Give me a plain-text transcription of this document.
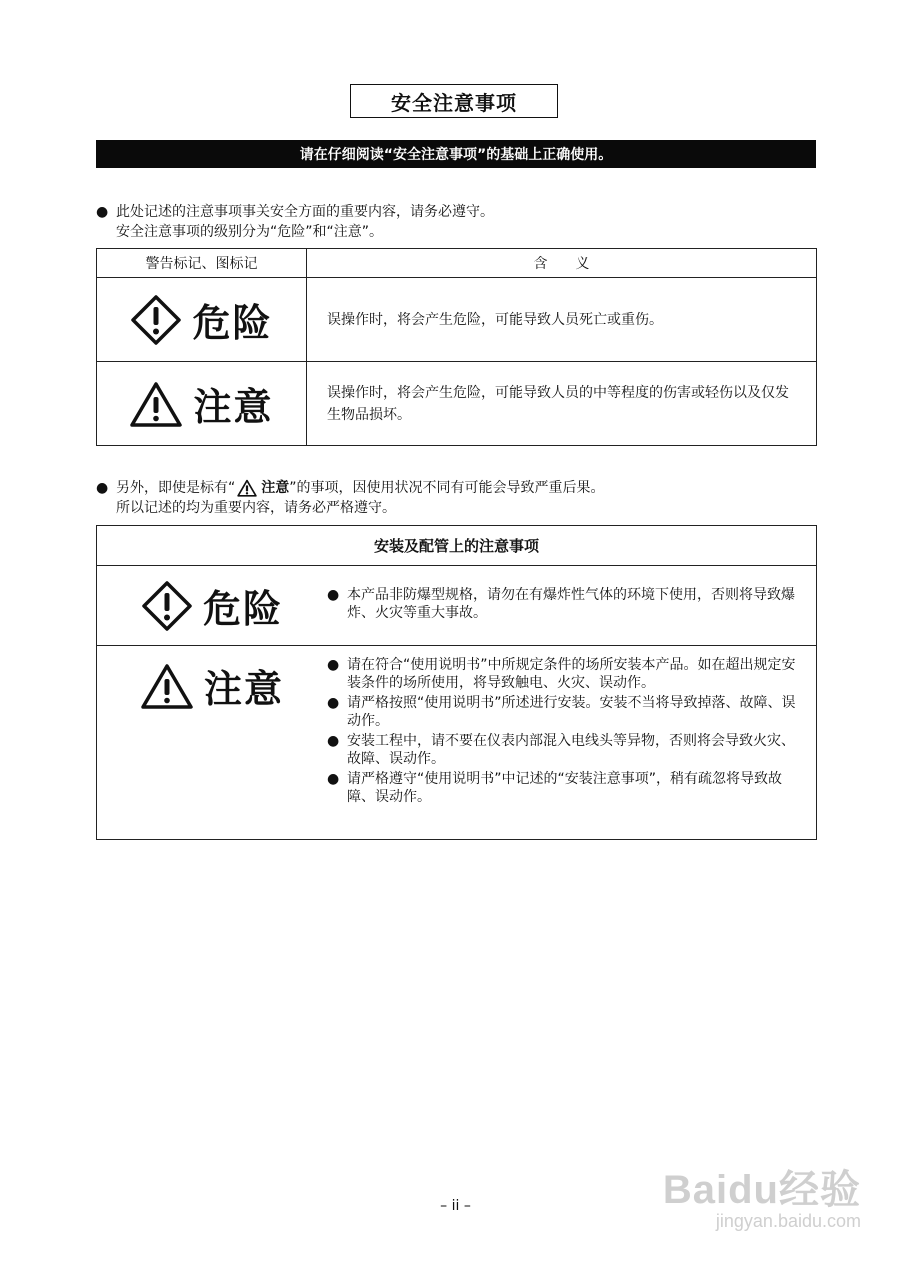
安全注意事项
请在仔细阅读“安全注意事项”的基础上正确使用。
● 此处记述的注意事项事关安全方面的重要内容，请务必遵守。
安全注意事项的级别分为“危险”和“注意”。
警告标记、图标记	含　　义

危险	误操作时，将会产生危险，可能导致人员死亡或重伤。

注意	误操作时，将会产生危险，可能导致人员的中等程度的伤害或轻伤以及仅发生物品损坏。
● 另外，即使是标有“ 注意 ”的事项，因使用状况不同有可能会导致严重后果。
所以记述的均为重要内容，请务必严格遵守。
安装及配管上的注意事项
危险	● 本产品非防爆型规格，请勿在有爆炸性气体的环境下使用，否则将导致爆炸、火灾等重大事故。
注意
● 请在符合“使用说明书”中所规定条件的场所安装本产品。如在超出规定安装条件的场所使用，将导致触电、火灾、误动作。
● 请严格按照“使用说明书”所述进行安装。安装不当将导致掉落、故障、误动作。
● 安装工程中，请不要在仪表内部混入电线头等异物，否则将会导致火灾、故障、误动作。
● 请严格遵守“使用说明书”中记述的“安装注意事项”，稍有疏忽将导致故障、误动作。
– ii –	Baidu经验
jingyan.baidu.com
